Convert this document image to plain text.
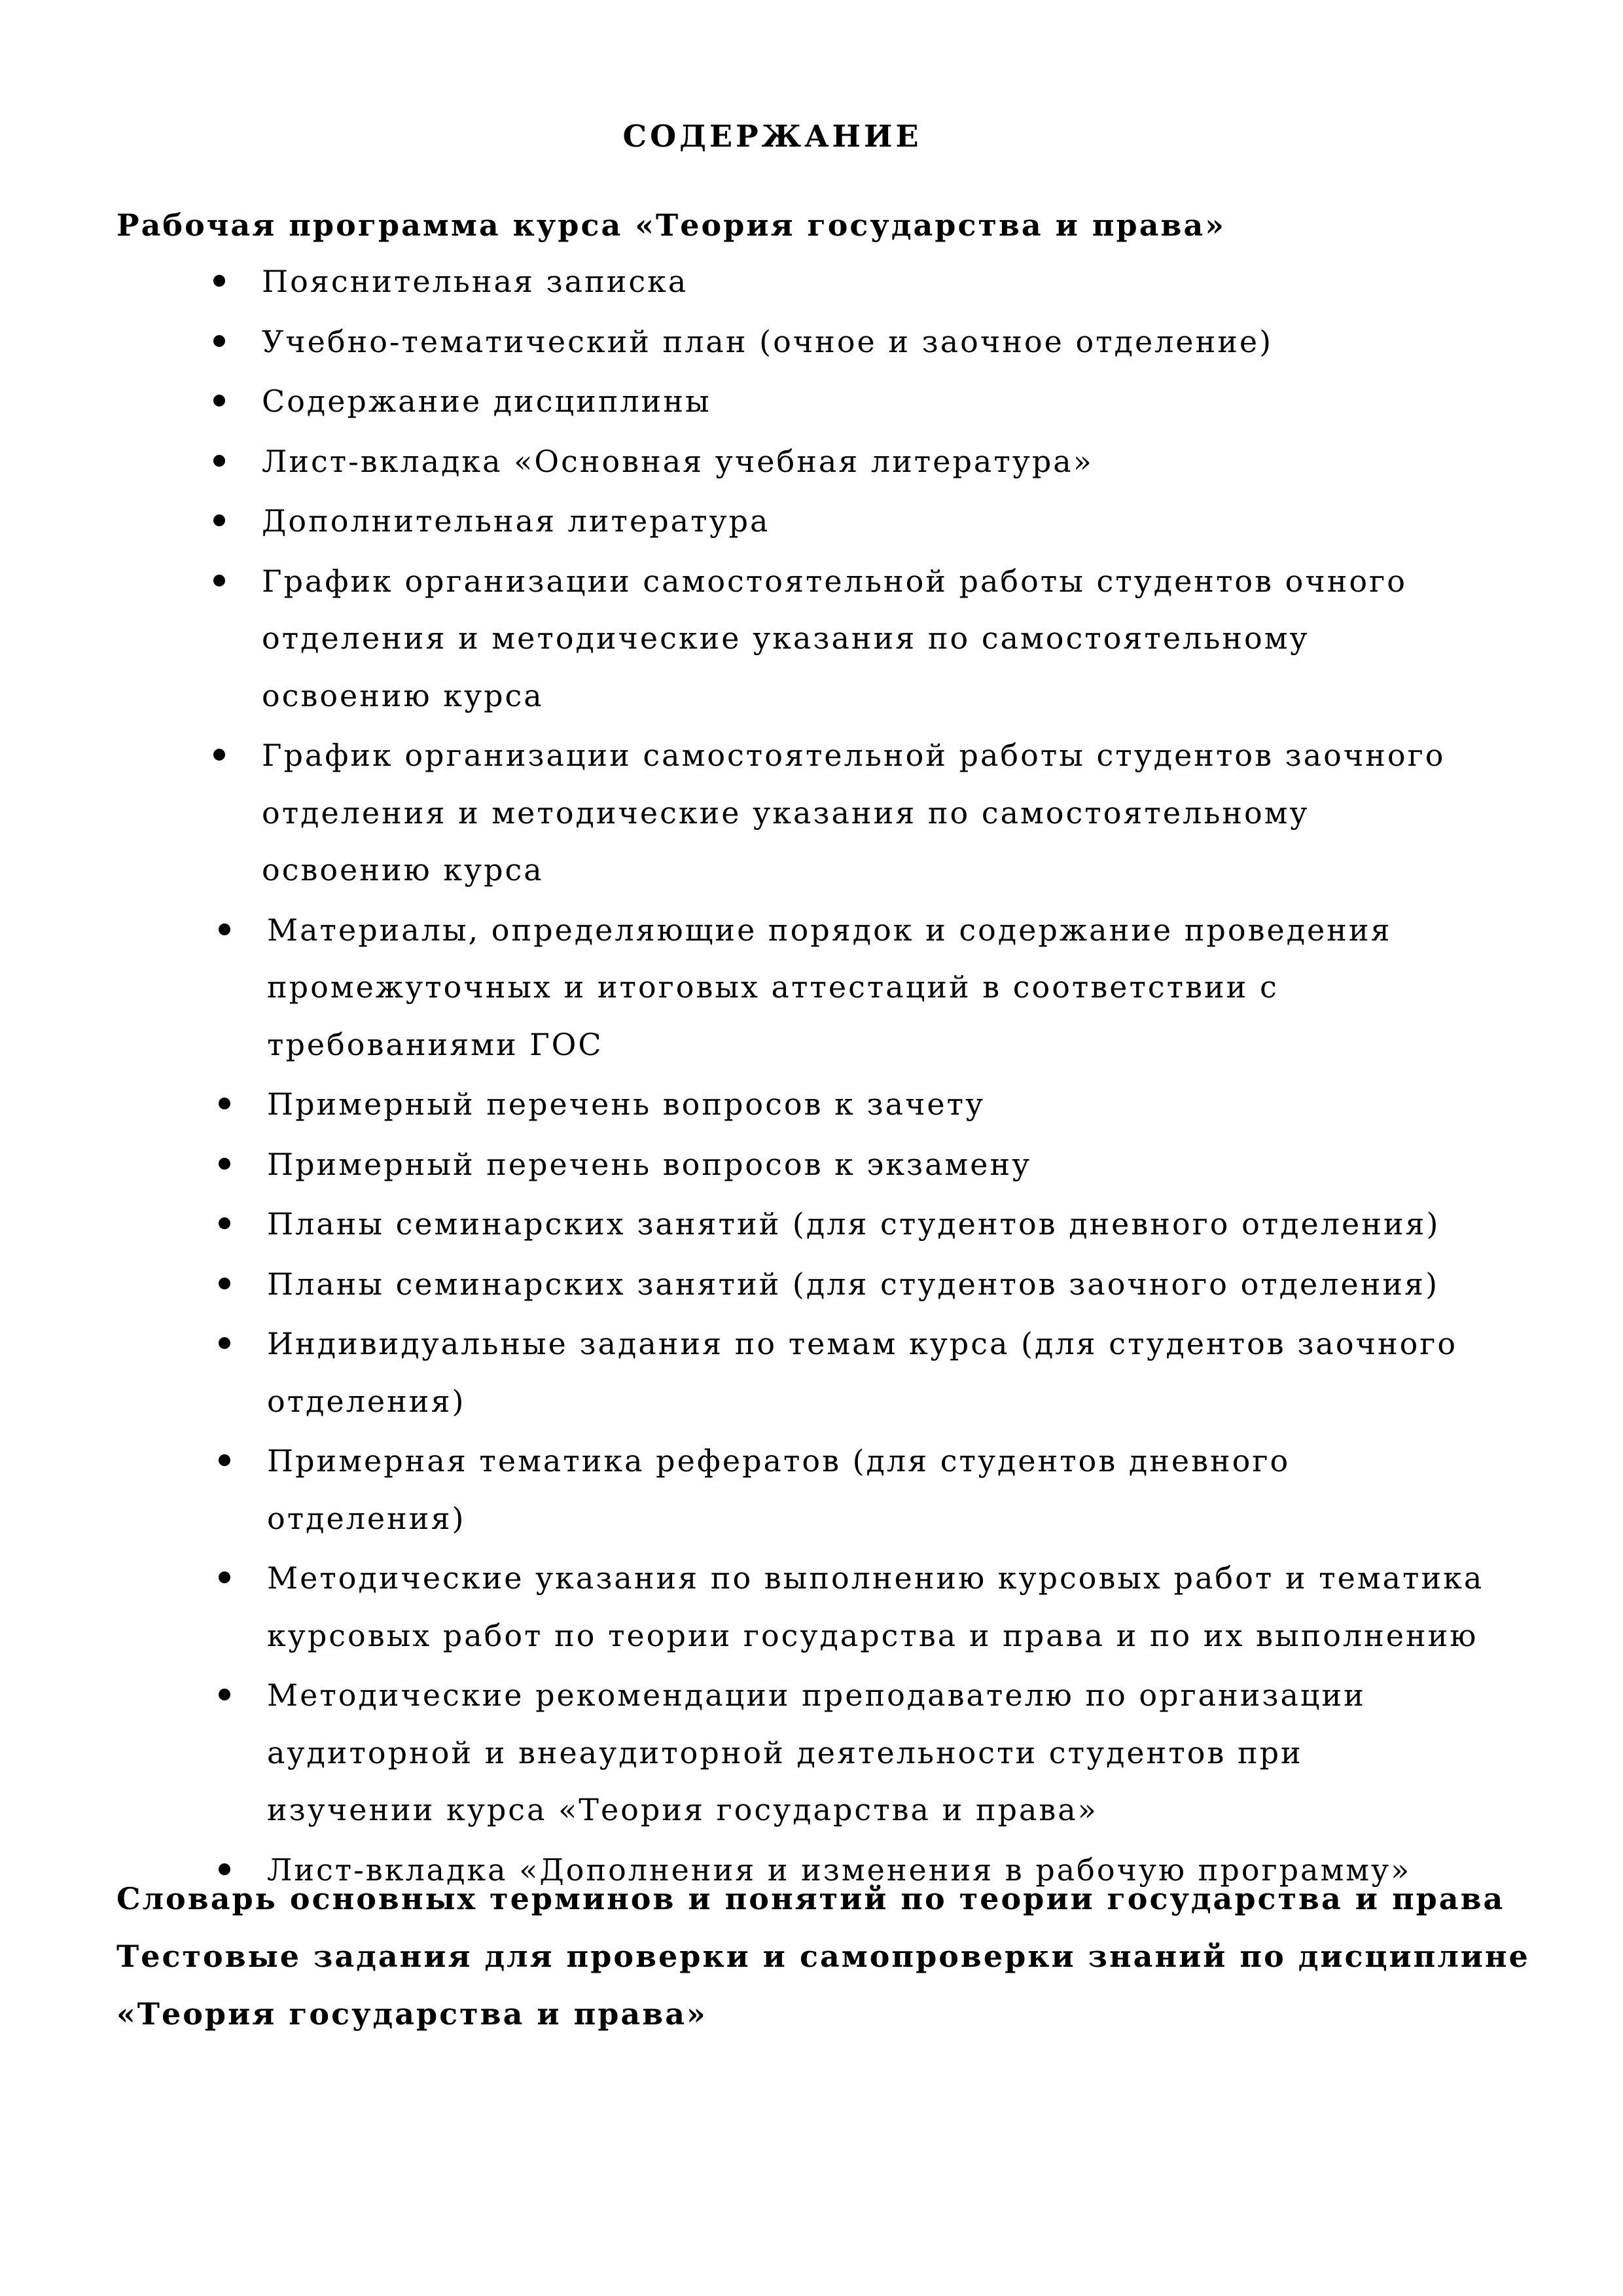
СОДЕРЖАНИЕ

Рабочая программа курса «Теория государства и права»

Пояснительная записка
Учебно-тематический план (очное и заочное отделение)
Содержание дисциплины
Лист-вкладка «Основная учебная литература»
Дополнительная литература
График организации самостоятельной работы студентов очного
отделения и методические указания по самостоятельному
освоению курса
График организации самостоятельной работы студентов заочного
отделения и методические указания по самостоятельному
освоению курса
Материалы, определяющие порядок и содержание проведения
промежуточных и итоговых аттестаций в соответствии с
требованиями ГОС
Примерный перечень вопросов к зачету
Примерный перечень вопросов к экзамену
Планы семинарских занятий (для студентов дневного отделения)
Планы семинарских занятий (для студентов заочного отделения)
Индивидуальные задания по темам курса (для студентов заочного
отделения)
Примерная тематика рефератов (для студентов дневного
отделения)
Методические указания по выполнению курсовых работ и тематика
курсовых работ по теории государства и права и по их выполнению
Методические рекомендации преподавателю по организации
аудиторной и внеаудиторной деятельности студентов при
изучении курса «Теория государства и права»
Лист-вкладка «Дополнения и изменения в рабочую программу»

Словарь основных терминов и понятий по теории государства и права

Тестовые задания для проверки и самопроверки знаний по дисциплине
«Теория государства и права»
